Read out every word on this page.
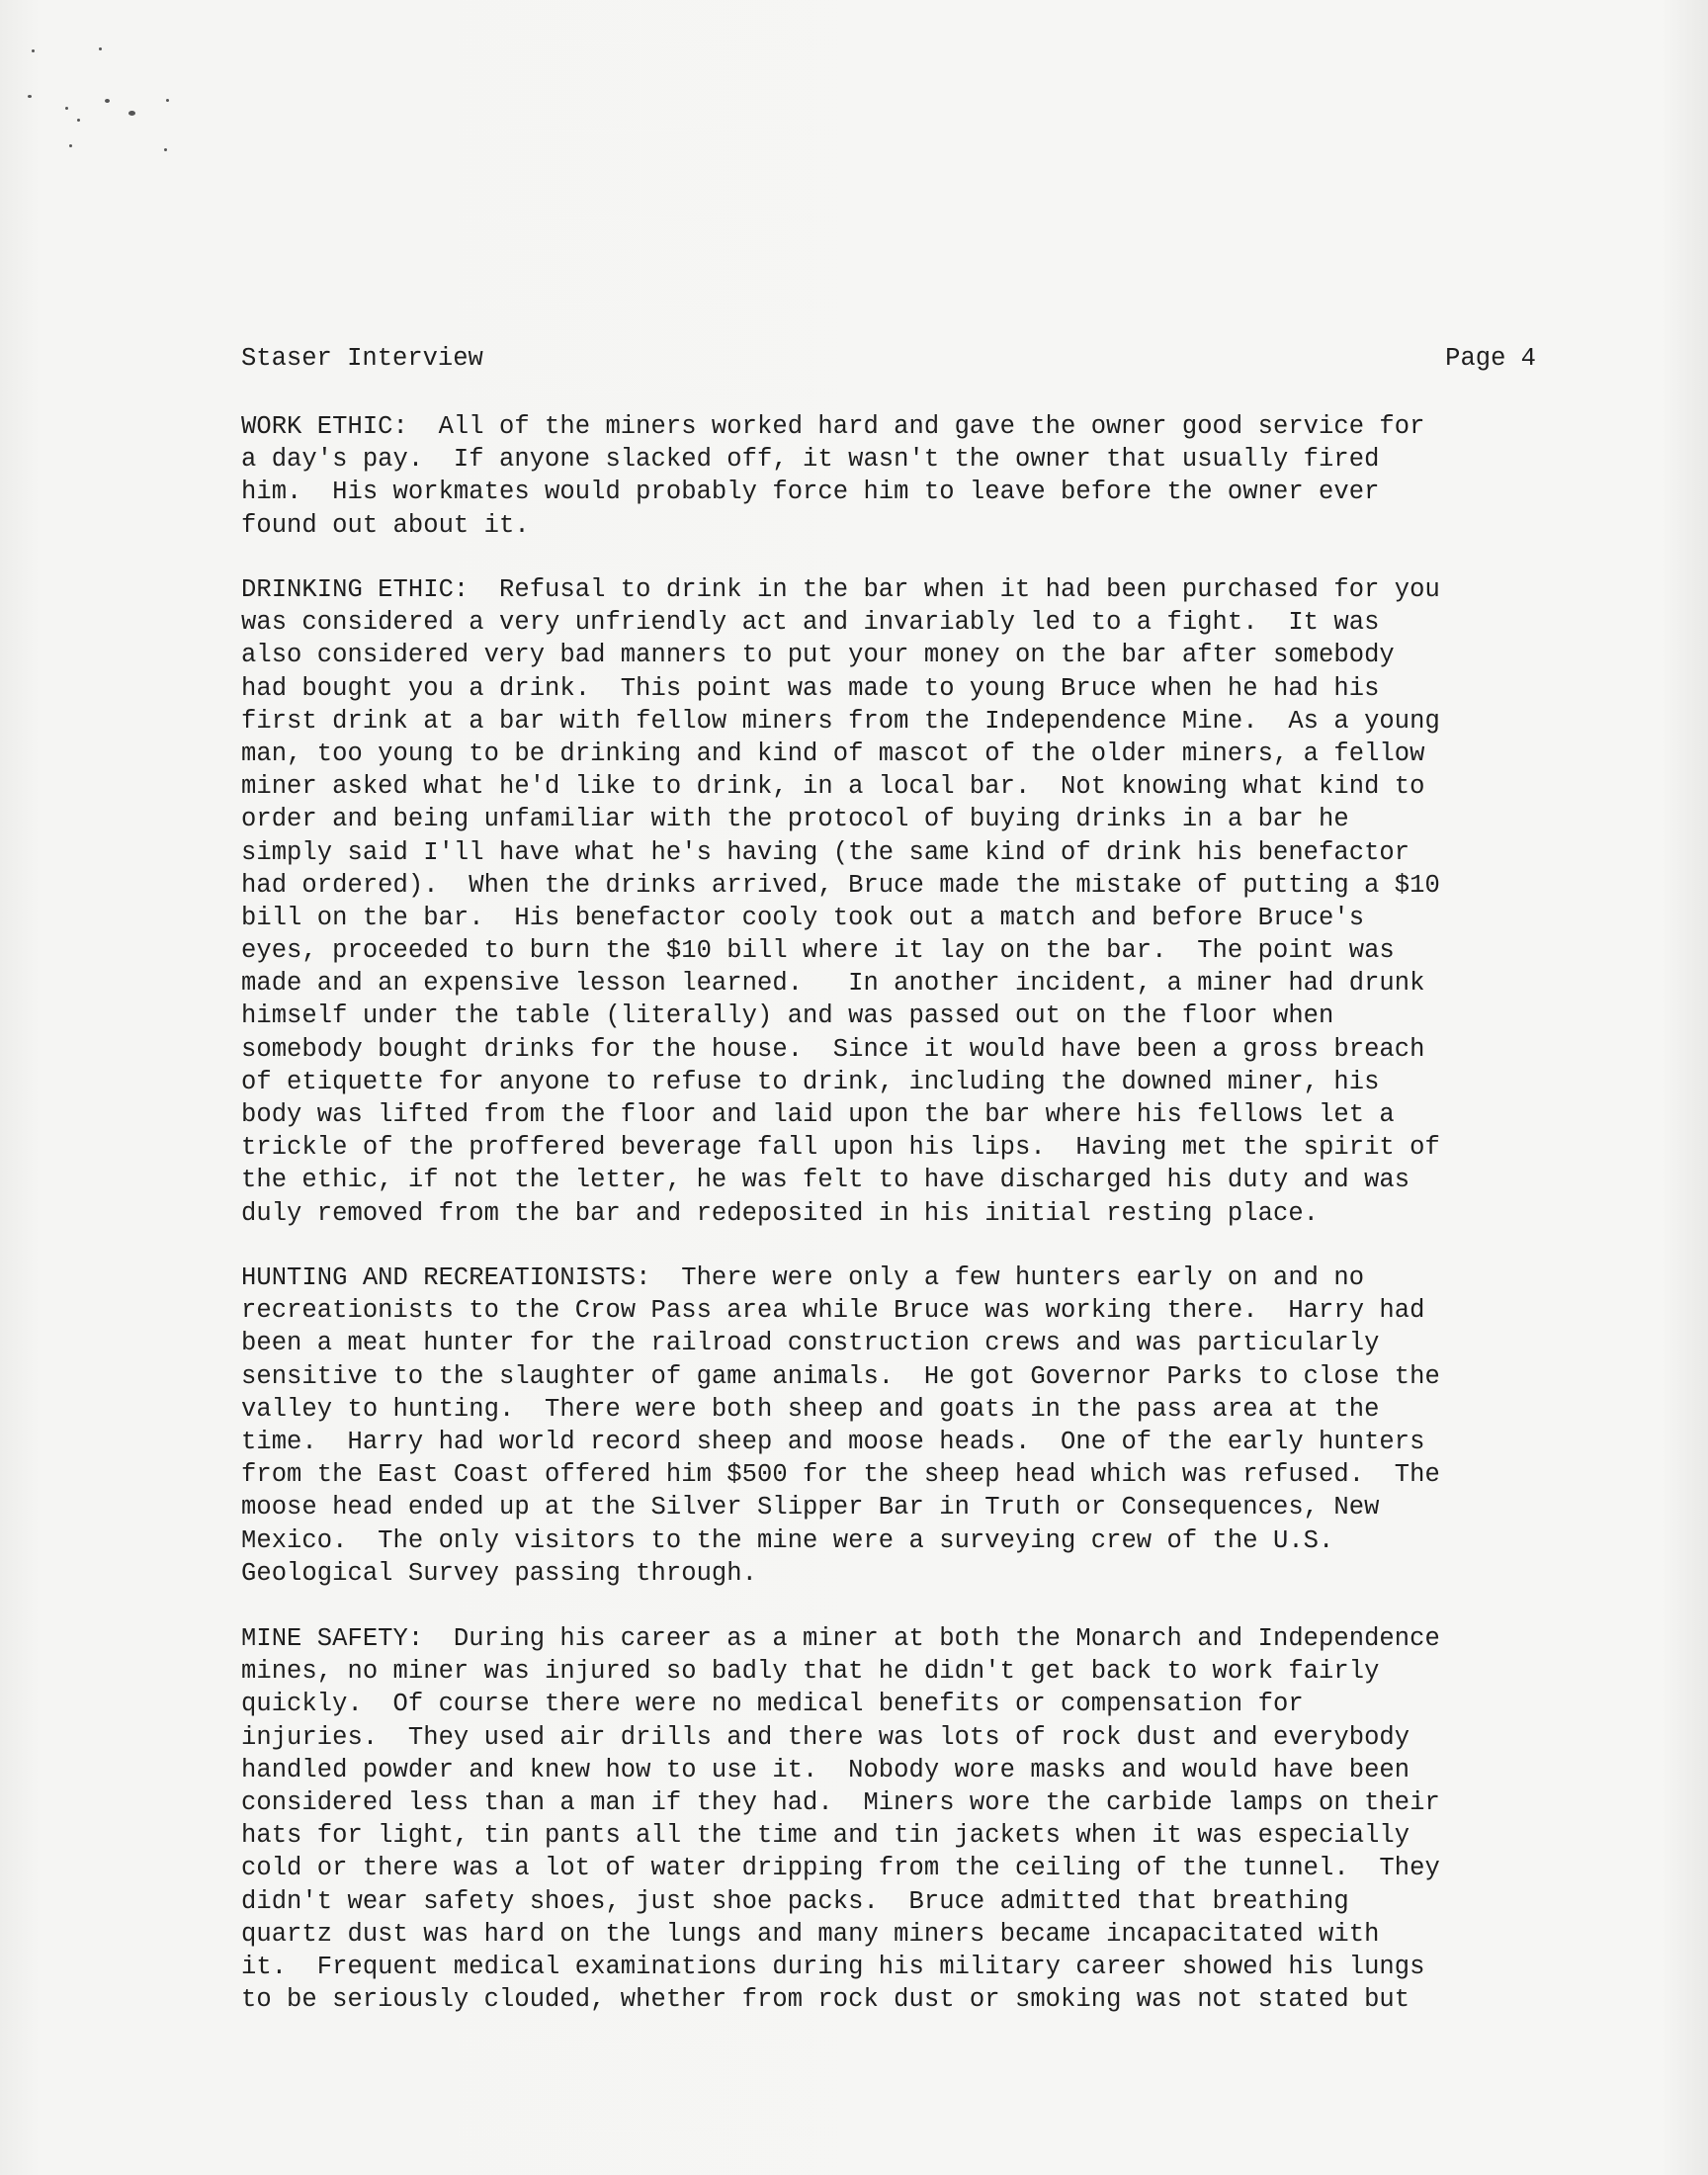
Staser Interview	Page 4
WORK ETHIC:  All of the miners worked hard and gave the owner good service for
a day's pay.  If anyone slacked off, it wasn't the owner that usually fired
him.  His workmates would probably force him to leave before the owner ever
found out about it.
DRINKING ETHIC:  Refusal to drink in the bar when it had been purchased for you
was considered a very unfriendly act and invariably led to a fight.  It was
also considered very bad manners to put your money on the bar after somebody
had bought you a drink.  This point was made to young Bruce when he had his
first drink at a bar with fellow miners from the Independence Mine.  As a young
man, too young to be drinking and kind of mascot of the older miners, a fellow
miner asked what he'd like to drink, in a local bar.  Not knowing what kind to
order and being unfamiliar with the protocol of buying drinks in a bar he
simply said I'll have what he's having (the same kind of drink his benefactor
had ordered).  When the drinks arrived, Bruce made the mistake of putting a $10
bill on the bar.  His benefactor cooly took out a match and before Bruce's
eyes, proceeded to burn the $10 bill where it lay on the bar.  The point was
made and an expensive lesson learned.   In another incident, a miner had drunk
himself under the table (literally) and was passed out on the floor when
somebody bought drinks for the house.  Since it would have been a gross breach
of etiquette for anyone to refuse to drink, including the downed miner, his
body was lifted from the floor and laid upon the bar where his fellows let a
trickle of the proffered beverage fall upon his lips.  Having met the spirit of
the ethic, if not the letter, he was felt to have discharged his duty and was
duly removed from the bar and redeposited in his initial resting place.
HUNTING AND RECREATIONISTS:  There were only a few hunters early on and no
recreationists to the Crow Pass area while Bruce was working there.  Harry had
been a meat hunter for the railroad construction crews and was particularly
sensitive to the slaughter of game animals.  He got Governor Parks to close the
valley to hunting.  There were both sheep and goats in the pass area at the
time.  Harry had world record sheep and moose heads.  One of the early hunters
from the East Coast offered him $500 for the sheep head which was refused.  The
moose head ended up at the Silver Slipper Bar in Truth or Consequences, New
Mexico.  The only visitors to the mine were a surveying crew of the U.S.
Geological Survey passing through.
MINE SAFETY:  During his career as a miner at both the Monarch and Independence
mines, no miner was injured so badly that he didn't get back to work fairly
quickly.  Of course there were no medical benefits or compensation for
injuries.  They used air drills and there was lots of rock dust and everybody
handled powder and knew how to use it.  Nobody wore masks and would have been
considered less than a man if they had.  Miners wore the carbide lamps on their
hats for light, tin pants all the time and tin jackets when it was especially
cold or there was a lot of water dripping from the ceiling of the tunnel.  They
didn't wear safety shoes, just shoe packs.  Bruce admitted that breathing
quartz dust was hard on the lungs and many miners became incapacitated with
it.  Frequent medical examinations during his military career showed his lungs
to be seriously clouded, whether from rock dust or smoking was not stated but
